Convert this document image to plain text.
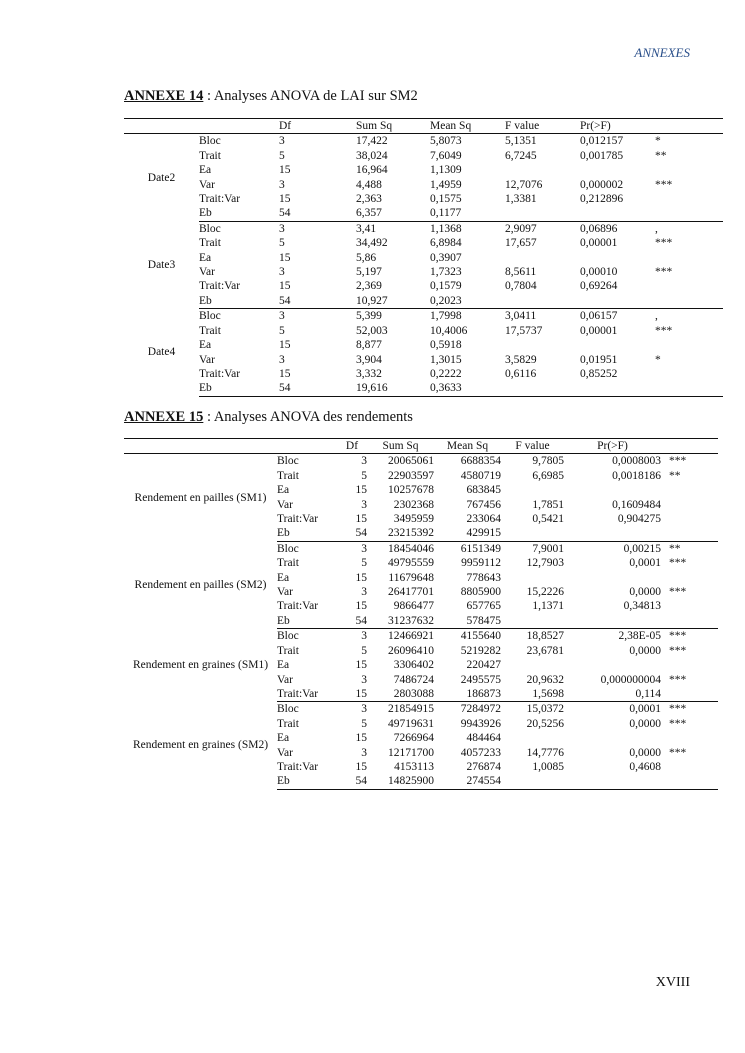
ANNEXES
ANNEXE 14 : Analyses ANOVA de LAI sur SM2
		Df	Sum Sq	Mean Sq	F value	Pr(>F)	
Date2	Bloc	3	17,422	5,8073	5,1351	0,012157	*
	Trait	5	38,024	7,6049	6,7245	0,001785	**
	Ea	15	16,964	1,1309			
	Var	3	4,488	1,4959	12,7076	0,000002	***
	Trait:Var	15	2,363	0,1575	1,3381	0,212896	
	Eb	54	6,357	0,1177			
Date3	Bloc	3	3,41	1,1368	2,9097	0,06896	,
	Trait	5	34,492	6,8984	17,657	0,00001	***
	Ea	15	5,86	0,3907			
	Var	3	5,197	1,7323	8,5611	0,00010	***
	Trait:Var	15	2,369	0,1579	0,7804	0,69264	
	Eb	54	10,927	0,2023			
Date4	Bloc	3	5,399	1,7998	3,0411	0,06157	,
	Trait	5	52,003	10,4006	17,5737	0,00001	***
	Ea	15	8,877	0,5918			
	Var	3	3,904	1,3015	3,5829	0,01951	*
	Trait:Var	15	3,332	0,2222	0,6116	0,85252	
	Eb	54	19,616	0,3633			
ANNEXE 15 : Analyses ANOVA des rendements
		Df	Sum Sq	Mean Sq	F value	Pr(>F)	
Rendement en pailles (SM1)	Bloc	3	20065061	6688354	9,7805	0,0008003	***
	Trait	5	22903597	4580719	6,6985	0,0018186	**
	Ea	15	10257678	683845			
	Var	3	2302368	767456	1,7851	0,1609484	
	Trait:Var	15	3495959	233064	0,5421	0,904275	
	Eb	54	23215392	429915			
Rendement en pailles (SM2)	Bloc	3	18454046	6151349	7,9001	0,00215	**
	Trait	5	49795559	9959112	12,7903	0,0001	***
	Ea	15	11679648	778643			
	Var	3	26417701	8805900	15,2226	0,0000	***
	Trait:Var	15	9866477	657765	1,1371	0,34813	
	Eb	54	31237632	578475			
Rendement en graines (SM1)	Bloc	3	12466921	4155640	18,8527	2,38E-05	***
	Trait	5	26096410	5219282	23,6781	0,0000	***
	Ea	15	3306402	220427			
	Var	3	7486724	2495575	20,9632	0,000000004	***
	Trait:Var	15	2803088	186873	1,5698	0,114	
Rendement en graines (SM2)	Bloc	3	21854915	7284972	15,0372	0,0001	***
	Trait	5	49719631	9943926	20,5256	0,0000	***
	Ea	15	7266964	484464			
	Var	3	12171700	4057233	14,7776	0,0000	***
	Trait:Var	15	4153113	276874	1,0085	0,4608	
	Eb	54	14825900	274554			
XVIII
